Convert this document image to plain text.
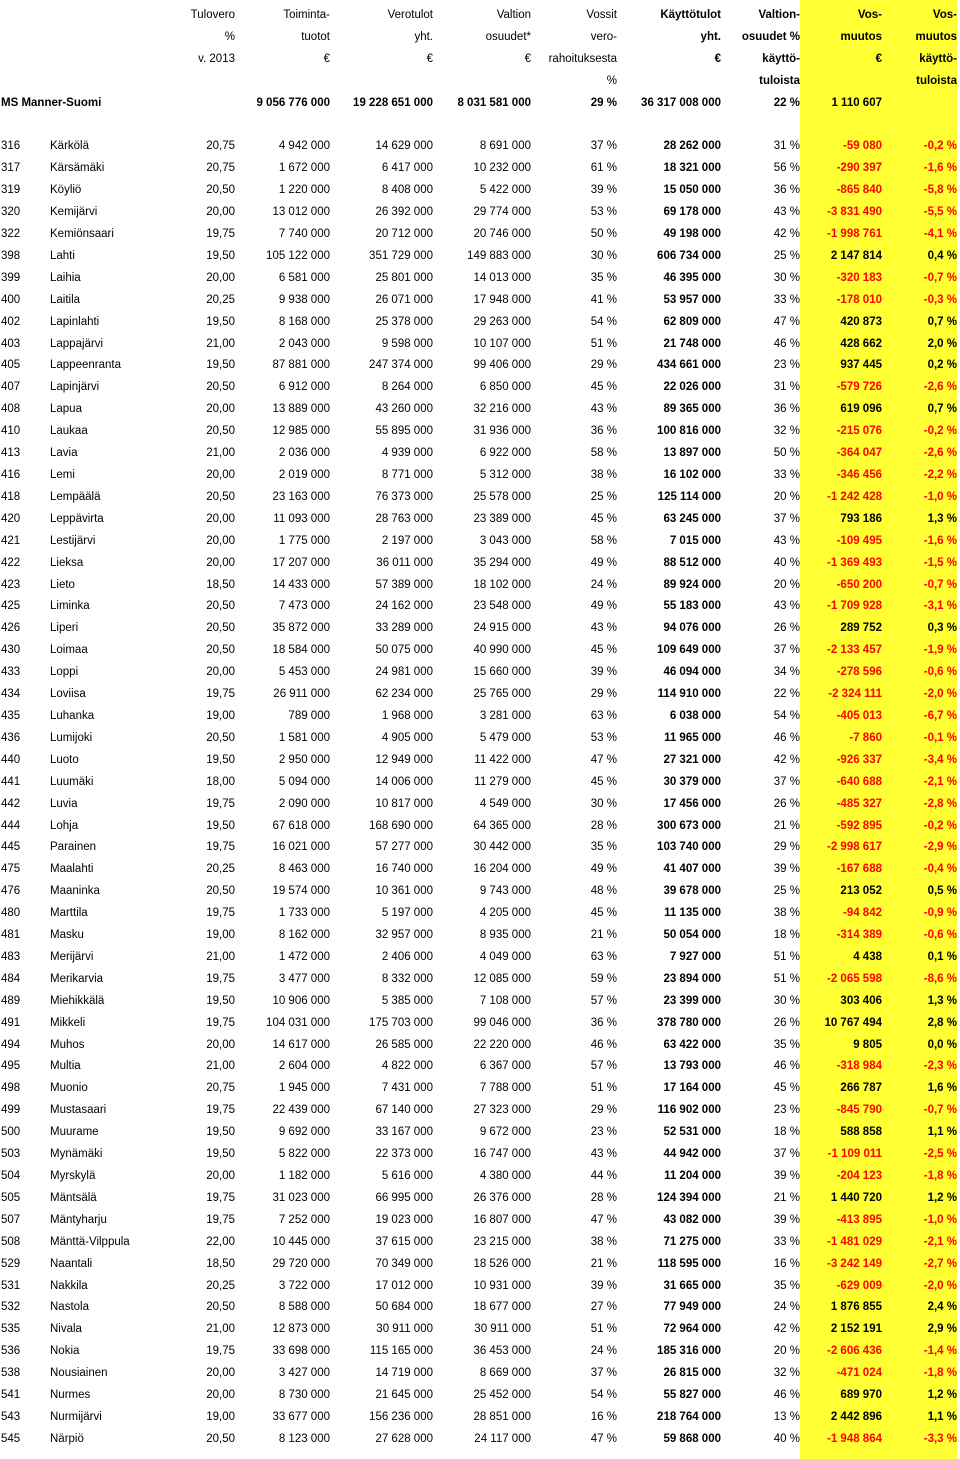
		Tulovero	Toiminta-	Verotulot	Valtion	Vossit	Käyttötulot	Valtion-	Vos-	Vos-
		%	tuotot	yht.	osuudet*	vero-	yht.	osuudet %	muutos	muutos
		v. 2013	€	€	€	rahoituksesta	€	käyttö-	€	käyttö-
						%		tuloista		tuloista
MS Manner-Suomi			9 056 776 000	19 228 651 000	8 031 581 000	29 %	36 317 008 000	22 %	1 110 607	

316	Kärkölä	20,75	4 942 000	14 629 000	8 691 000	37 %	28 262 000	31 %	-59 080	-0,2 %
317	Kärsämäki	20,75	1 672 000	6 417 000	10 232 000	61 %	18 321 000	56 %	-290 397	-1,6 %
319	Köyliö	20,50	1 220 000	8 408 000	5 422 000	39 %	15 050 000	36 %	-865 840	-5,8 %
320	Kemijärvi	20,00	13 012 000	26 392 000	29 774 000	53 %	69 178 000	43 %	-3 831 490	-5,5 %
322	Kemiönsaari	19,75	7 740 000	20 712 000	20 746 000	50 %	49 198 000	42 %	-1 998 761	-4,1 %
398	Lahti	19,50	105 122 000	351 729 000	149 883 000	30 %	606 734 000	25 %	2 147 814	0,4 %
399	Laihia	20,00	6 581 000	25 801 000	14 013 000	35 %	46 395 000	30 %	-320 183	-0,7 %
400	Laitila	20,25	9 938 000	26 071 000	17 948 000	41 %	53 957 000	33 %	-178 010	-0,3 %
402	Lapinlahti	19,50	8 168 000	25 378 000	29 263 000	54 %	62 809 000	47 %	420 873	0,7 %
403	Lappajärvi	21,00	2 043 000	9 598 000	10 107 000	51 %	21 748 000	46 %	428 662	2,0 %
405	Lappeenranta	19,50	87 881 000	247 374 000	99 406 000	29 %	434 661 000	23 %	937 445	0,2 %
407	Lapinjärvi	20,50	6 912 000	8 264 000	6 850 000	45 %	22 026 000	31 %	-579 726	-2,6 %
408	Lapua	20,00	13 889 000	43 260 000	32 216 000	43 %	89 365 000	36 %	619 096	0,7 %
410	Laukaa	20,50	12 985 000	55 895 000	31 936 000	36 %	100 816 000	32 %	-215 076	-0,2 %
413	Lavia	21,00	2 036 000	4 939 000	6 922 000	58 %	13 897 000	50 %	-364 047	-2,6 %
416	Lemi	20,00	2 019 000	8 771 000	5 312 000	38 %	16 102 000	33 %	-346 456	-2,2 %
418	Lempäälä	20,50	23 163 000	76 373 000	25 578 000	25 %	125 114 000	20 %	-1 242 428	-1,0 %
420	Leppävirta	20,00	11 093 000	28 763 000	23 389 000	45 %	63 245 000	37 %	793 186	1,3 %
421	Lestijärvi	20,00	1 775 000	2 197 000	3 043 000	58 %	7 015 000	43 %	-109 495	-1,6 %
422	Lieksa	20,00	17 207 000	36 011 000	35 294 000	49 %	88 512 000	40 %	-1 369 493	-1,5 %
423	Lieto	18,50	14 433 000	57 389 000	18 102 000	24 %	89 924 000	20 %	-650 200	-0,7 %
425	Liminka	20,50	7 473 000	24 162 000	23 548 000	49 %	55 183 000	43 %	-1 709 928	-3,1 %
426	Liperi	20,50	35 872 000	33 289 000	24 915 000	43 %	94 076 000	26 %	289 752	0,3 %
430	Loimaa	20,50	18 584 000	50 075 000	40 990 000	45 %	109 649 000	37 %	-2 133 457	-1,9 %
433	Loppi	20,00	5 453 000	24 981 000	15 660 000	39 %	46 094 000	34 %	-278 596	-0,6 %
434	Loviisa	19,75	26 911 000	62 234 000	25 765 000	29 %	114 910 000	22 %	-2 324 111	-2,0 %
435	Luhanka	19,00	789 000	1 968 000	3 281 000	63 %	6 038 000	54 %	-405 013	-6,7 %
436	Lumijoki	20,50	1 581 000	4 905 000	5 479 000	53 %	11 965 000	46 %	-7 860	-0,1 %
440	Luoto	19,50	2 950 000	12 949 000	11 422 000	47 %	27 321 000	42 %	-926 337	-3,4 %
441	Luumäki	18,00	5 094 000	14 006 000	11 279 000	45 %	30 379 000	37 %	-640 688	-2,1 %
442	Luvia	19,75	2 090 000	10 817 000	4 549 000	30 %	17 456 000	26 %	-485 327	-2,8 %
444	Lohja	19,50	67 618 000	168 690 000	64 365 000	28 %	300 673 000	21 %	-592 895	-0,2 %
445	Parainen	19,75	16 021 000	57 277 000	30 442 000	35 %	103 740 000	29 %	-2 998 617	-2,9 %
475	Maalahti	20,25	8 463 000	16 740 000	16 204 000	49 %	41 407 000	39 %	-167 688	-0,4 %
476	Maaninka	20,50	19 574 000	10 361 000	9 743 000	48 %	39 678 000	25 %	213 052	0,5 %
480	Marttila	19,75	1 733 000	5 197 000	4 205 000	45 %	11 135 000	38 %	-94 842	-0,9 %
481	Masku	19,00	8 162 000	32 957 000	8 935 000	21 %	50 054 000	18 %	-314 389	-0,6 %
483	Merijärvi	21,00	1 472 000	2 406 000	4 049 000	63 %	7 927 000	51 %	4 438	0,1 %
484	Merikarvia	19,75	3 477 000	8 332 000	12 085 000	59 %	23 894 000	51 %	-2 065 598	-8,6 %
489	Miehikkälä	19,50	10 906 000	5 385 000	7 108 000	57 %	23 399 000	30 %	303 406	1,3 %
491	Mikkeli	19,75	104 031 000	175 703 000	99 046 000	36 %	378 780 000	26 %	10 767 494	2,8 %
494	Muhos	20,00	14 617 000	26 585 000	22 220 000	46 %	63 422 000	35 %	9 805	0,0 %
495	Multia	21,00	2 604 000	4 822 000	6 367 000	57 %	13 793 000	46 %	-318 984	-2,3 %
498	Muonio	20,75	1 945 000	7 431 000	7 788 000	51 %	17 164 000	45 %	266 787	1,6 %
499	Mustasaari	19,75	22 439 000	67 140 000	27 323 000	29 %	116 902 000	23 %	-845 790	-0,7 %
500	Muurame	19,50	9 692 000	33 167 000	9 672 000	23 %	52 531 000	18 %	588 858	1,1 %
503	Mynämäki	19,50	5 822 000	22 373 000	16 747 000	43 %	44 942 000	37 %	-1 109 011	-2,5 %
504	Myrskylä	20,00	1 182 000	5 616 000	4 380 000	44 %	11 204 000	39 %	-204 123	-1,8 %
505	Mäntsälä	19,75	31 023 000	66 995 000	26 376 000	28 %	124 394 000	21 %	1 440 720	1,2 %
507	Mäntyharju	19,75	7 252 000	19 023 000	16 807 000	47 %	43 082 000	39 %	-413 895	-1,0 %
508	Mänttä-Vilppula	22,00	10 445 000	37 615 000	23 215 000	38 %	71 275 000	33 %	-1 481 029	-2,1 %
529	Naantali	18,50	29 720 000	70 349 000	18 526 000	21 %	118 595 000	16 %	-3 242 149	-2,7 %
531	Nakkila	20,25	3 722 000	17 012 000	10 931 000	39 %	31 665 000	35 %	-629 009	-2,0 %
532	Nastola	20,50	8 588 000	50 684 000	18 677 000	27 %	77 949 000	24 %	1 876 855	2,4 %
535	Nivala	21,00	12 873 000	30 911 000	30 911 000	51 %	72 964 000	42 %	2 152 191	2,9 %
536	Nokia	19,75	33 698 000	115 165 000	36 453 000	24 %	185 316 000	20 %	-2 606 436	-1,4 %
538	Nousiainen	20,00	3 427 000	14 719 000	8 669 000	37 %	26 815 000	32 %	-471 024	-1,8 %
541	Nurmes	20,00	8 730 000	21 645 000	25 452 000	54 %	55 827 000	46 %	689 970	1,2 %
543	Nurmijärvi	19,00	33 677 000	156 236 000	28 851 000	16 %	218 764 000	13 %	2 442 896	1,1 %
545	Närpiö	20,50	8 123 000	27 628 000	24 117 000	47 %	59 868 000	40 %	-1 948 864	-3,3 %
